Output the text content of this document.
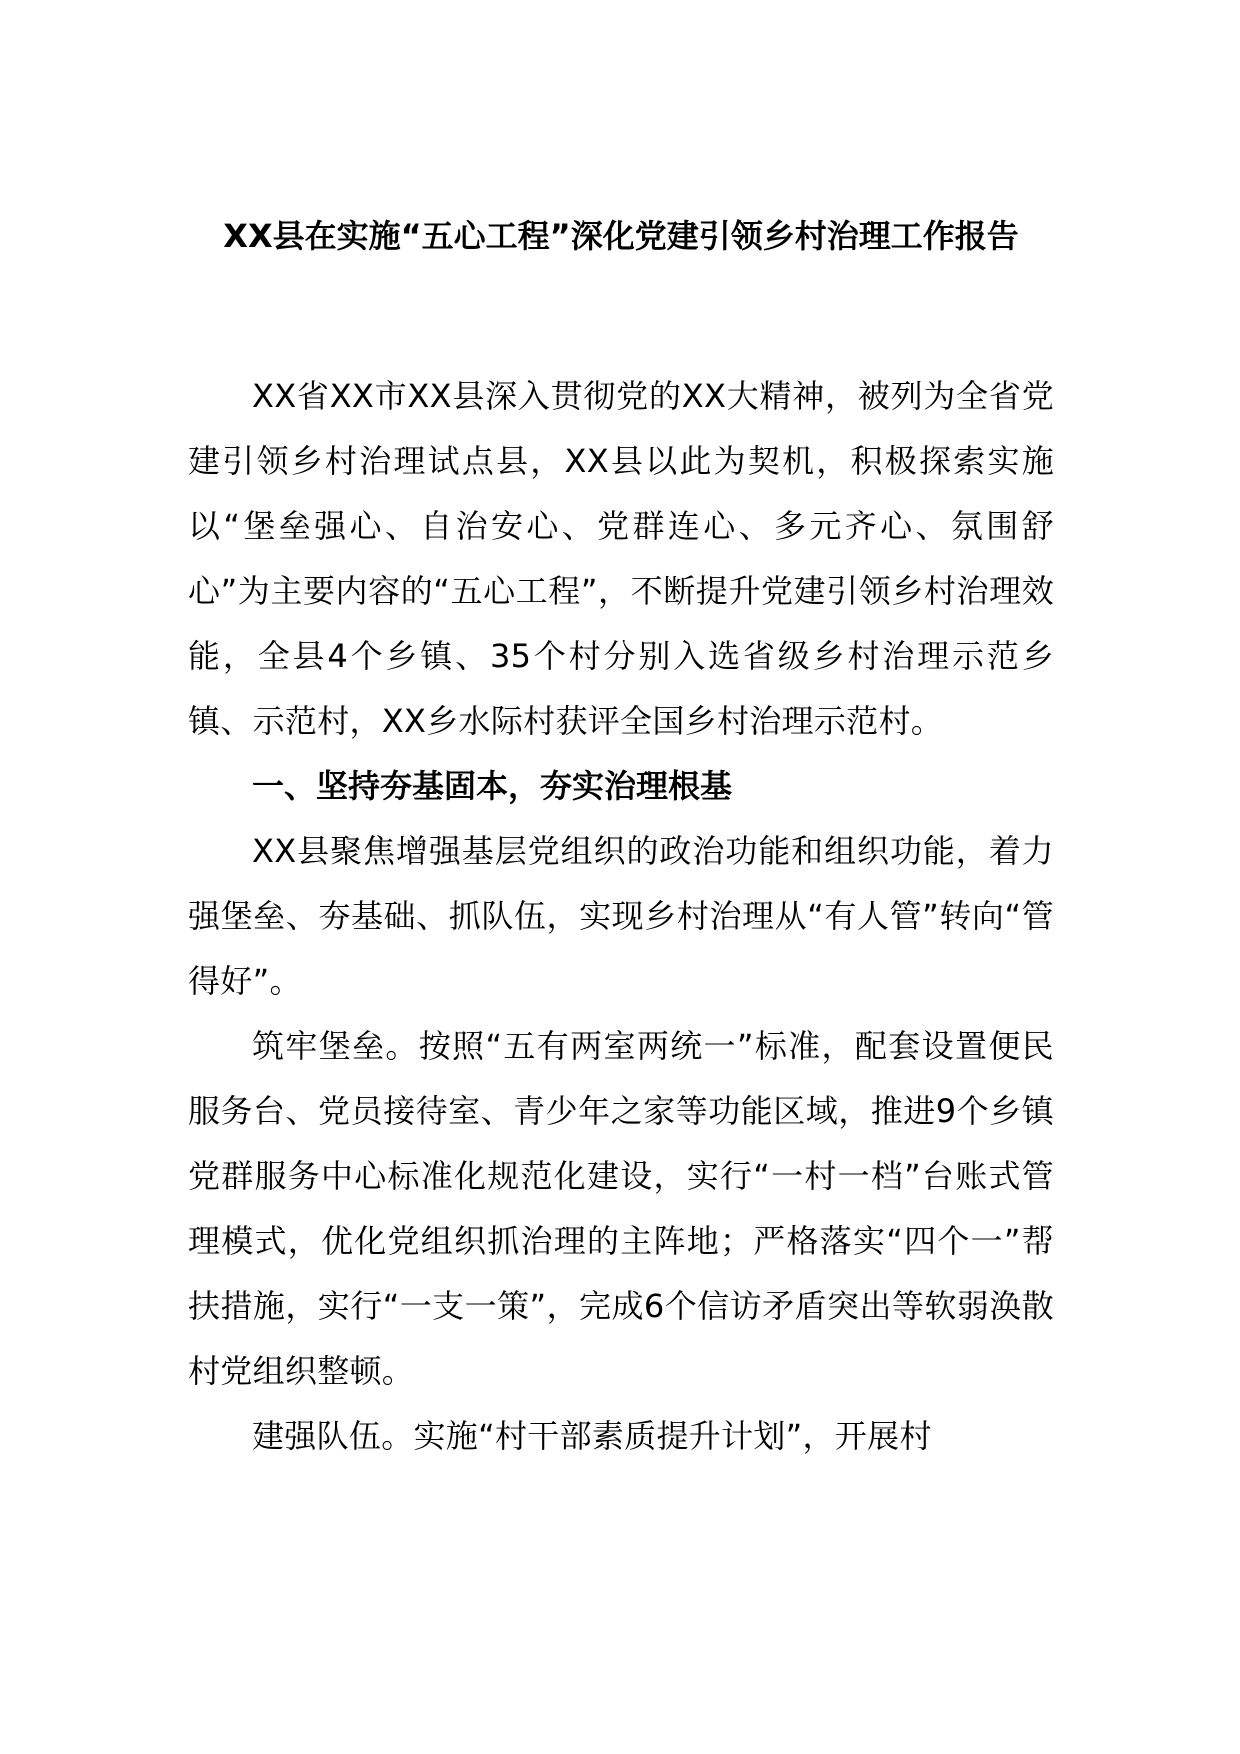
XX县在实施“五心工程”深化党建引领乡村治理工作报告

XX省XX市XX县深入贯彻党的XX大精神，被列为全省党建引领乡村治理试点县，XX县以此为契机，积极探索实施以“堡垒强心、自治安心、党群连心、多元齐心、氛围舒心”为主要内容的“五心工程”，不断提升党建引领乡村治理效能，全县4个乡镇、35个村分别入选省级乡村治理示范乡镇、示范村，XX乡水际村获评全国乡村治理示范村。

一、坚持夯基固本，夯实治理根基

XX县聚焦增强基层党组织的政治功能和组织功能，着力强堡垒、夯基础、抓队伍，实现乡村治理从“有人管”转向“管得好”。

筑牢堡垒。按照“五有两室两统一”标准，配套设置便民服务台、党员接待室、青少年之家等功能区域，推进9个乡镇党群服务中心标准化规范化建设，实行“一村一档”台账式管理模式，优化党组织抓治理的主阵地；严格落实“四个一”帮扶措施，实行“一支一策”，完成6个信访矛盾突出等软弱涣散村党组织整顿。

建强队伍。实施“村干部素质提升计划”，开展村
